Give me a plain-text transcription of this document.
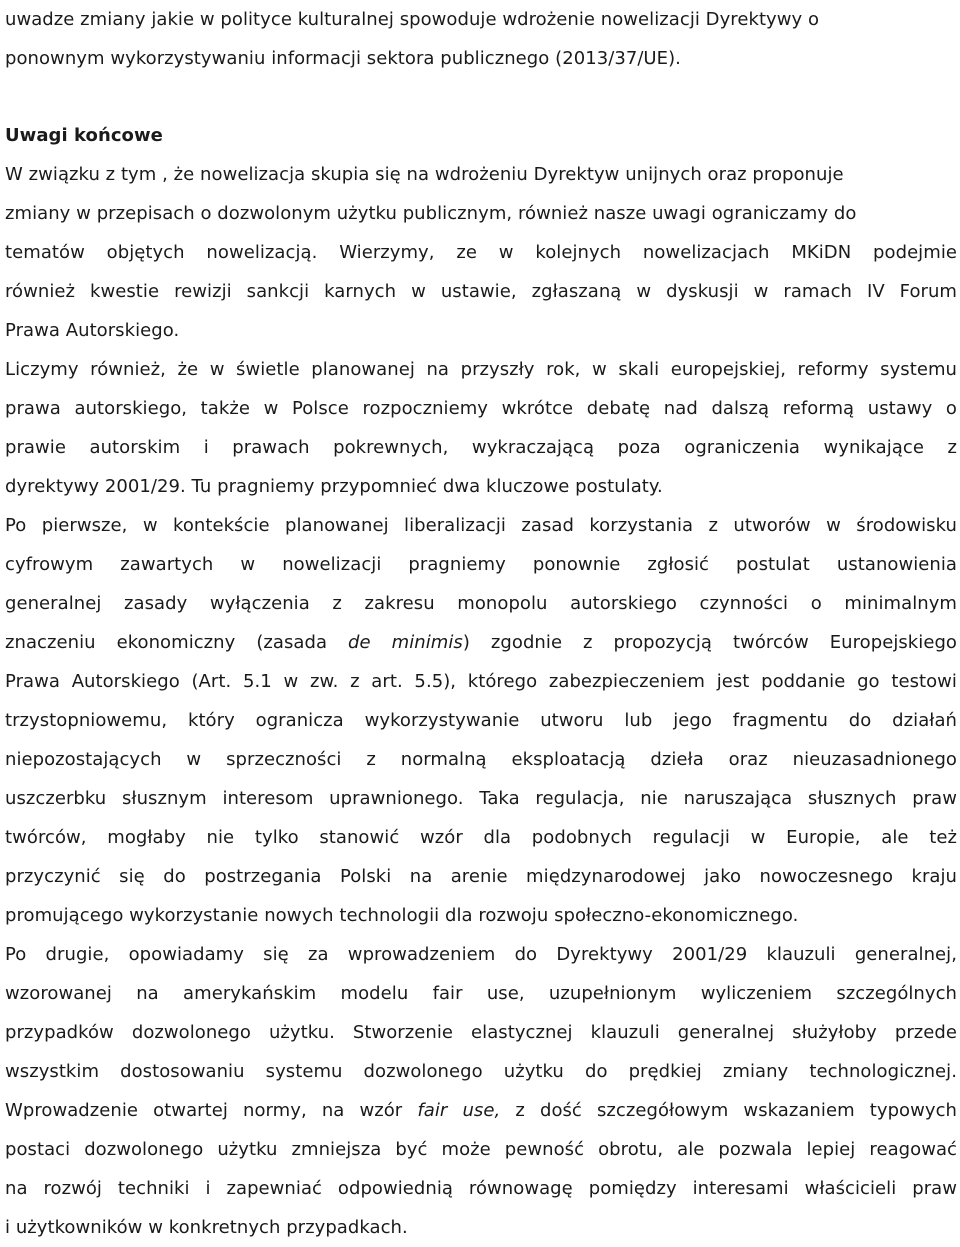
uwadze zmiany jakie w polityce kulturalnej spowoduje wdrożenie nowelizacji Dyrektywy o
ponownym wykorzystywaniu informacji sektora publicznego (2013/37/UE).
Uwagi końcowe
W związku z tym , że nowelizacja skupia się na wdrożeniu Dyrektyw unijnych oraz proponuje
zmiany w przepisach o dozwolonym użytku publicznym, również nasze uwagi ograniczamy do
tematów objętych nowelizacją. Wierzymy, ze w kolejnych nowelizacjach MKiDN podejmie
również kwestie rewizji sankcji karnych w ustawie, zgłaszaną w dyskusji w ramach IV Forum
Prawa Autorskiego.
Liczymy również, że w świetle planowanej na przyszły rok, w skali europejskiej, reformy systemu
prawa autorskiego, także w Polsce rozpoczniemy wkrótce debatę nad dalszą reformą ustawy o
prawie autorskim i prawach pokrewnych, wykraczającą poza ograniczenia wynikające z
dyrektywy 2001/29. Tu pragniemy przypomnieć dwa kluczowe postulaty.
Po pierwsze, w kontekście planowanej liberalizacji zasad korzystania z utworów w środowisku
cyfrowym zawartych w nowelizacji pragniemy ponownie zgłosić postulat ustanowienia
generalnej zasady wyłączenia z zakresu monopolu autorskiego czynności o minimalnym
znaczeniu ekonomiczny (zasada de minimis) zgodnie z propozycją twórców Europejskiego
Prawa Autorskiego (Art. 5.1 w zw. z art. 5.5), którego zabezpieczeniem jest poddanie go testowi
trzystopniowemu, który ogranicza wykorzystywanie utworu lub jego fragmentu do działań
niepozostających w sprzeczności z normalną eksploatacją dzieła oraz nieuzasadnionego
uszczerbku słusznym interesom uprawnionego. Taka regulacja, nie naruszająca słusznych praw
twórców, mogłaby nie tylko stanowić wzór dla podobnych regulacji w Europie, ale też
przyczynić się do postrzegania Polski na arenie międzynarodowej jako nowoczesnego kraju
promującego wykorzystanie nowych technologii dla rozwoju społeczno-ekonomicznego.
Po drugie, opowiadamy się za wprowadzeniem do Dyrektywy 2001/29 klauzuli generalnej,
wzorowanej na amerykańskim modelu fair use, uzupełnionym wyliczeniem szczególnych
przypadków dozwolonego użytku. Stworzenie elastycznej klauzuli generalnej służyłoby przede
wszystkim dostosowaniu systemu dozwolonego użytku do prędkiej zmiany technologicznej.
Wprowadzenie otwartej normy, na wzór fair use, z dość szczegółowym wskazaniem typowych
postaci dozwolonego użytku zmniejsza być może pewność obrotu, ale pozwala lepiej reagować
na rozwój techniki i zapewniać odpowiednią równowagę pomiędzy interesami właścicieli praw
i użytkowników w konkretnych przypadkach.
